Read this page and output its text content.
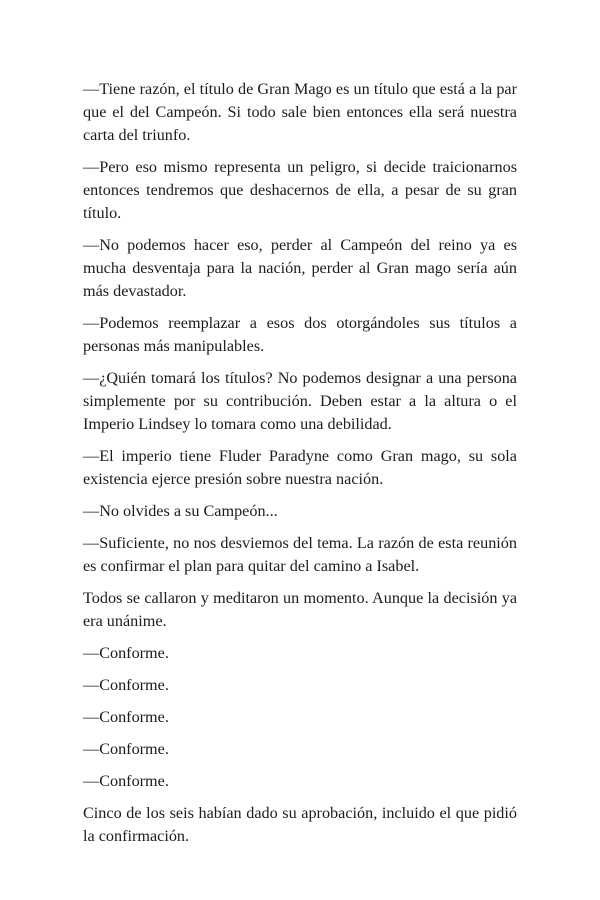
—Tiene razón, el título de Gran Mago es un título que está a la par que el del Campeón. Si todo sale bien entonces ella será nuestra carta del triunfo.

—Pero eso mismo representa un peligro, si decide traicionarnos entonces tendremos que deshacernos de ella, a pesar de su gran título.

—No podemos hacer eso, perder al Campeón del reino ya es mucha desventaja para la nación, perder al Gran mago sería aún más devastador.

—Podemos reemplazar a esos dos otorgándoles sus títulos a personas más manipulables.

—¿Quién tomará los títulos? No podemos designar a una persona simplemente por su contribución. Deben estar a la altura o el Imperio Lindsey lo tomara como una debilidad.

—El imperio tiene Fluder Paradyne como Gran mago, su sola existencia ejerce presión sobre nuestra nación.

—No olvides a su Campeón...

—Suficiente, no nos desviemos del tema. La razón de esta reunión es confirmar el plan para quitar del camino a Isabel.

Todos se callaron y meditaron un momento. Aunque la decisión ya era unánime.

—Conforme.

—Conforme.

—Conforme.

—Conforme.

—Conforme.

Cinco de los seis habían dado su aprobación, incluido el que pidió la confirmación.
